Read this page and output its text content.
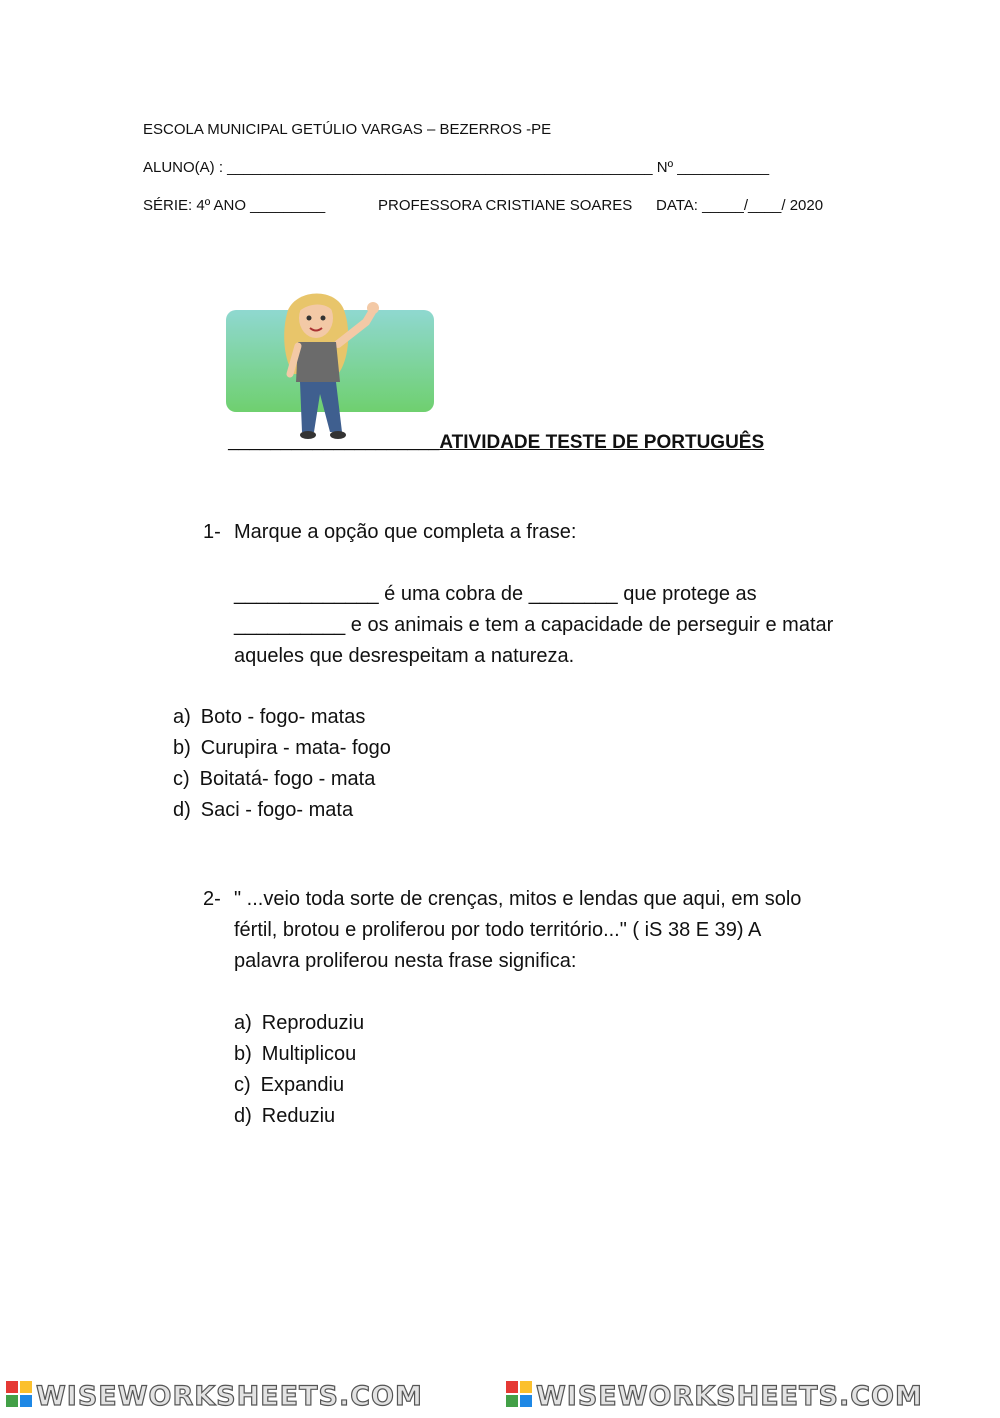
ESCOLA MUNICIPAL GETÚLIO VARGAS – BEZERROS -PE
ALUNO(A) : ___________________________________________________ Nº ___________
SÉRIE: 4º ANO _________	PROFESSORA CRISTIANE SOARES DATA: _____/____/ 2020
____________________ATIVIDADE TESTE DE PORTUGUÊS
1- Marque a opção que completa a frase:
_____________ é uma cobra de ________ que protege as
__________ e os animais e tem a capacidade de perseguir e matar
aqueles que desrespeitam a natureza.
a) Boto - fogo- matas
b) Curupira - mata- fogo
c) Boitatá- fogo - mata
d) Saci - fogo- mata
2- " ...veio toda sorte de crenças, mitos e lendas que aqui, em solo
fértil, brotou e proliferou por todo território..." ( iS 38 E 39) A
palavra proliferou nesta frase significa:
a) Reproduziu
b) Multiplicou
c) Expandiu
d) Reduziu
WISEWORKSHEETS.COM	WISEWORKSHEETS.COM
